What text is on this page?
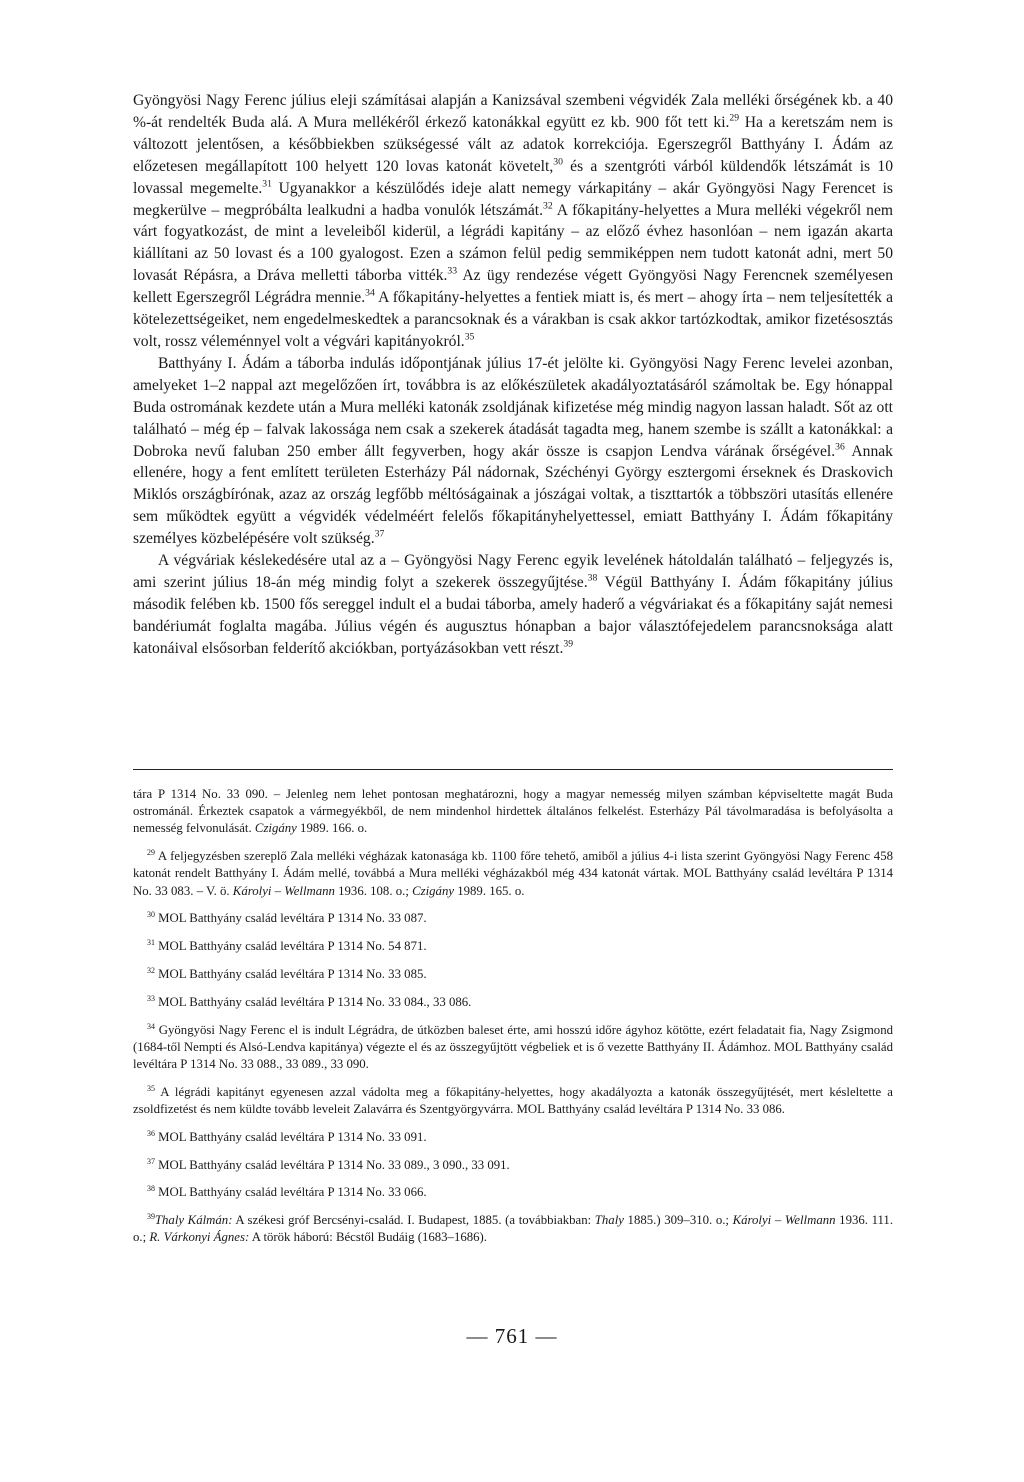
Gyöngyösi Nagy Ferenc július eleji számításai alapján a Kanizsával szembeni végvidék Zala melléki őrségének kb. a 40 %-át rendelték Buda alá. A Mura mellékéről érkező katonákkal együtt ez kb. 900 főt tett ki.$^{29}$ Ha a keretszám nem is változott jelentősen, a későbbiekben szükségessé vált az adatok korrekciója. Egerszegről Batthyány I. Ádám az előzetesen megállapított 100 helyett 120 lovas katonát követelt,$^{30}$ és a szentgróti várból küldendők létszámát is 10 lovassal megemelte.$^{31}$ Ugyanakkor a készülődés ideje alatt nemegy várkapitány – akár Gyöngyösi Nagy Ferencet is megkerülve – megpróbálta lealkudni a hadba vonulók létszámát.$^{32}$ A főkapitány-helyettes a Mura melléki végekről nem várt fogyatkozást, de mint a leveleiből kiderül, a légrádi kapitány – az előző évhez hasonlóan – nem igazán akarta kiállítani az 50 lovast és a 100 gyalogost. Ezen a számon felül pedig semmiképpen nem tudott katonát adni, mert 50 lovasát Répásra, a Dráva melletti táborba vitték.$^{33}$ Az ügy rendezése végett Gyöngyösi Nagy Ferencnek személyesen kellett Egerszegről Légrádra mennie.$^{34}$ A főkapitány-helyettes a fentiek miatt is, és mert – ahogy írta – nem teljesítették a kötelezettségeiket, nem engedelmeskedtek a parancsoknak és a várakban is csak akkor tartózkodtak, amikor fizetésosztás volt, rossz véleménnyel volt a végvári kapitányokról.$^{35}$

Batthyány I. Ádám a táborba indulás időpontjának július 17-ét jelölte ki. Gyöngyösi Nagy Ferenc levelei azonban, amelyeket 1–2 nappal azt megelőzően írt, továbbra is az előkészületek akadályoztatásáról számoltak be. Egy hónappal Buda ostromának kezdete után a Mura melléki katonák zsoldjának kifizetése még mindig nagyon lassan haladt. Sőt az ott található – még ép – falvak lakossága nem csak a szekerek átadását tagadta meg, hanem szembe is szállt a katonákkal: a Dobroka nevű faluban 250 ember állt fegyverben, hogy akár össze is csapjon Lendva várának őrségével.$^{36}$ Annak ellenére, hogy a fent említett területen Esterházy Pál nádornak, Széchényi György esztergomi érseknek és Draskovich Miklós országbírónak, azaz az ország legfőbb méltóságainak a jószágai voltak, a tiszttartók a többszöri utasítás ellenére sem működtek együtt a végvidék védelméért felelős főkapitányhelyettessel, emiatt Batthyány I. Ádám főkapitány személyes közbelépésére volt szükség.$^{37}$

A végváriak késlekedésére utal az a – Gyöngyösi Nagy Ferenc egyik levelének hátoldalán található – feljegyzés is, ami szerint július 18-án még mindig folyt a szekerek összegyűjtése.$^{38}$ Végül Batthyány I. Ádám főkapitány július második felében kb. 1500 fős sereggel indult el a budai táborba, amely haderő a végváriakat és a főkapitány saját nemesi bandériumát foglalta magába. Július végén és augusztus hónapban a bajor választófejedelem parancsnoksága alatt katonáival elsősorban felderítő akciókban, portyázásokban vett részt.$^{39}$

tára P 1314 No. 33 090. – Jelenleg nem lehet pontosan meghatározni, hogy a magyar nemesség milyen számban képviseltette magát Buda ostrománál. Érkeztek csapatok a vármegyékből, de nem mindenhol hirdettek általános felkelést. Esterházy Pál távolmaradása is befolyásolta a nemesség felvonulását. Czigány 1989. 166. o.

$^{29}$ A feljegyzésben szereplő Zala melléki végházak katonasága kb. 1100 főre tehető, amiből a július 4-i lista szerint Gyöngyösi Nagy Ferenc 458 katonát rendelt Batthyány I. Ádám mellé, továbbá a Mura melléki végházakból még 434 katonát vártak. MOL Batthyány család levéltára P 1314 No. 33 083. – V. ö. Károlyi – Wellmann 1936. 108. o.; Czigány 1989. 165. o.

$^{30}$ MOL Batthyány család levéltára P 1314 No. 33 087.

$^{31}$ MOL Batthyány család levéltára P 1314 No. 54 871.

$^{32}$ MOL Batthyány család levéltára P 1314 No. 33 085.

$^{33}$ MOL Batthyány család levéltára P 1314 No. 33 084., 33 086.

$^{34}$ Gyöngyösi Nagy Ferenc el is indult Légrádra, de útközben baleset érte, ami hosszú időre ágyhoz kötötte, ezért feladatait fia, Nagy Zsigmond (1684-től Nempti és Alsó-Lendva kapitánya) végezte el és az összegyűjtött végbeliek et is ő vezette Batthyány II. Ádámhoz. MOL Batthyány család levéltára P 1314 No. 33 088., 33 089., 33 090.

$^{35}$ A légrádi kapitányt egyenesen azzal vádolta meg a főkapitány-helyettes, hogy akadályozta a katonák összegyűjtését, mert késleltette a zsoldfizetést és nem küldte tovább leveleit Zalavárra és Szentgyörgyvárra. MOL Batthyány család levéltára P 1314 No. 33 086.

$^{36}$ MOL Batthyány család levéltára P 1314 No. 33 091.

$^{37}$ MOL Batthyány család levéltára P 1314 No. 33 089., 3 090., 33 091.

$^{38}$ MOL Batthyány család levéltára P 1314 No. 33 066.

$^{39}$Thaly Kálmán: A székesi gróf Bercsényi-család. I. Budapest, 1885. (a továbbiakban: Thaly 1885.) 309–310. o.; Károlyi – Wellmann 1936. 111. o.; R. Várkonyi Ágnes: A török háború: Bécstől Budáig (1683–1686).

— 761 —
